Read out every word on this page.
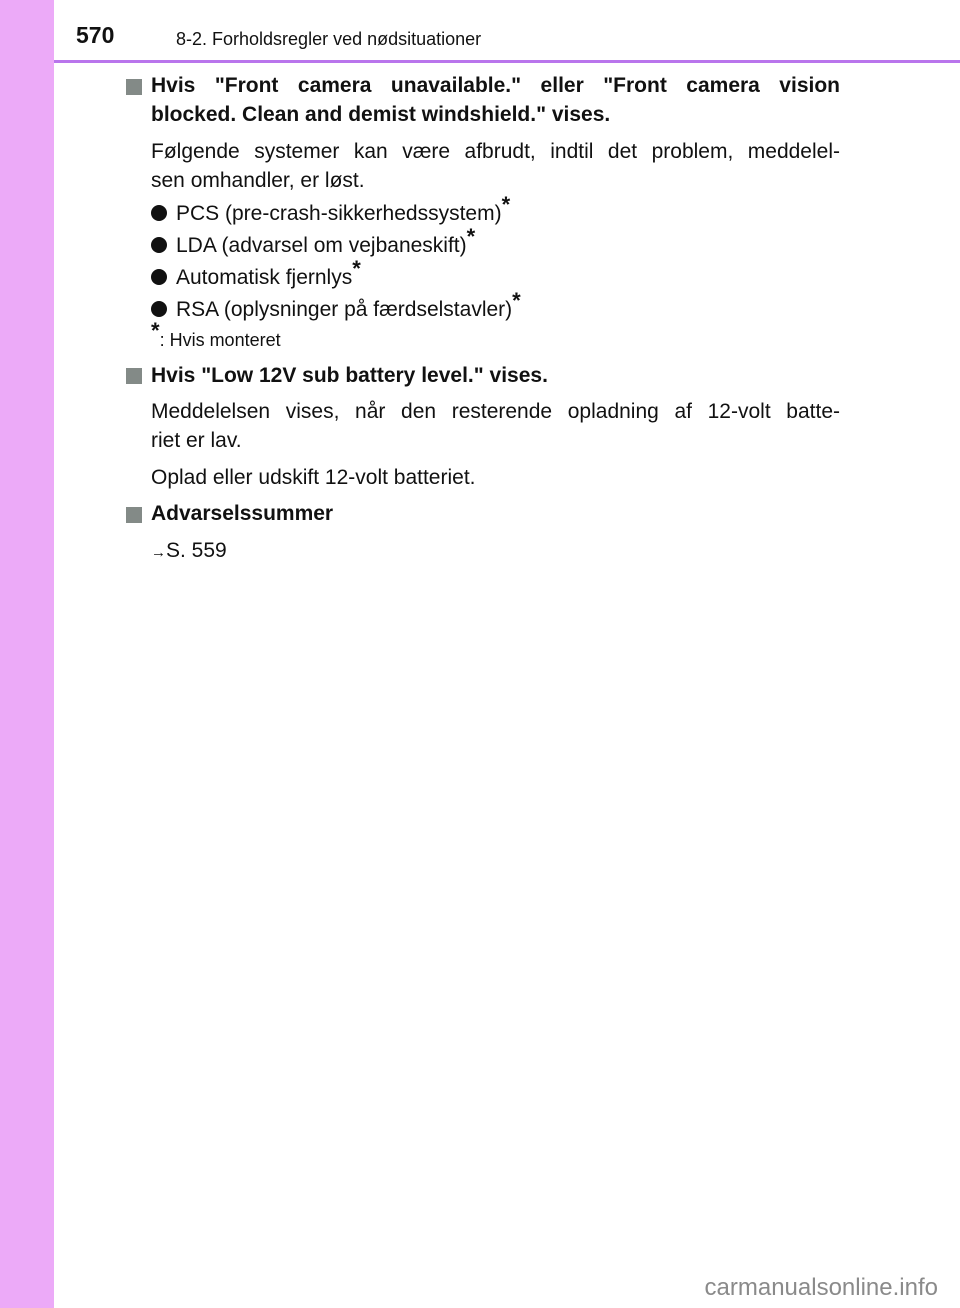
570	8-2. Forholdsregler ved nødsituationer
Hvis "Front camera unavailable." eller "Front camera vision
blocked. Clean and demist windshield." vises.
Følgende systemer kan være afbrudt, indtil det problem, meddelel-
sen omhandler, er løst.
PCS (pre-crash-sikkerhedssystem)*
LDA (advarsel om vejbaneskift)*
Automatisk fjernlys*
RSA (oplysninger på færdselstavler)*
*: Hvis monteret
Hvis "Low 12V sub battery level." vises.
Meddelelsen vises, når den resterende opladning af 12-volt batte-
riet er lav.
Oplad eller udskift 12-volt batteriet.
Advarselssummer
→S. 559
carmanualsonline.info
